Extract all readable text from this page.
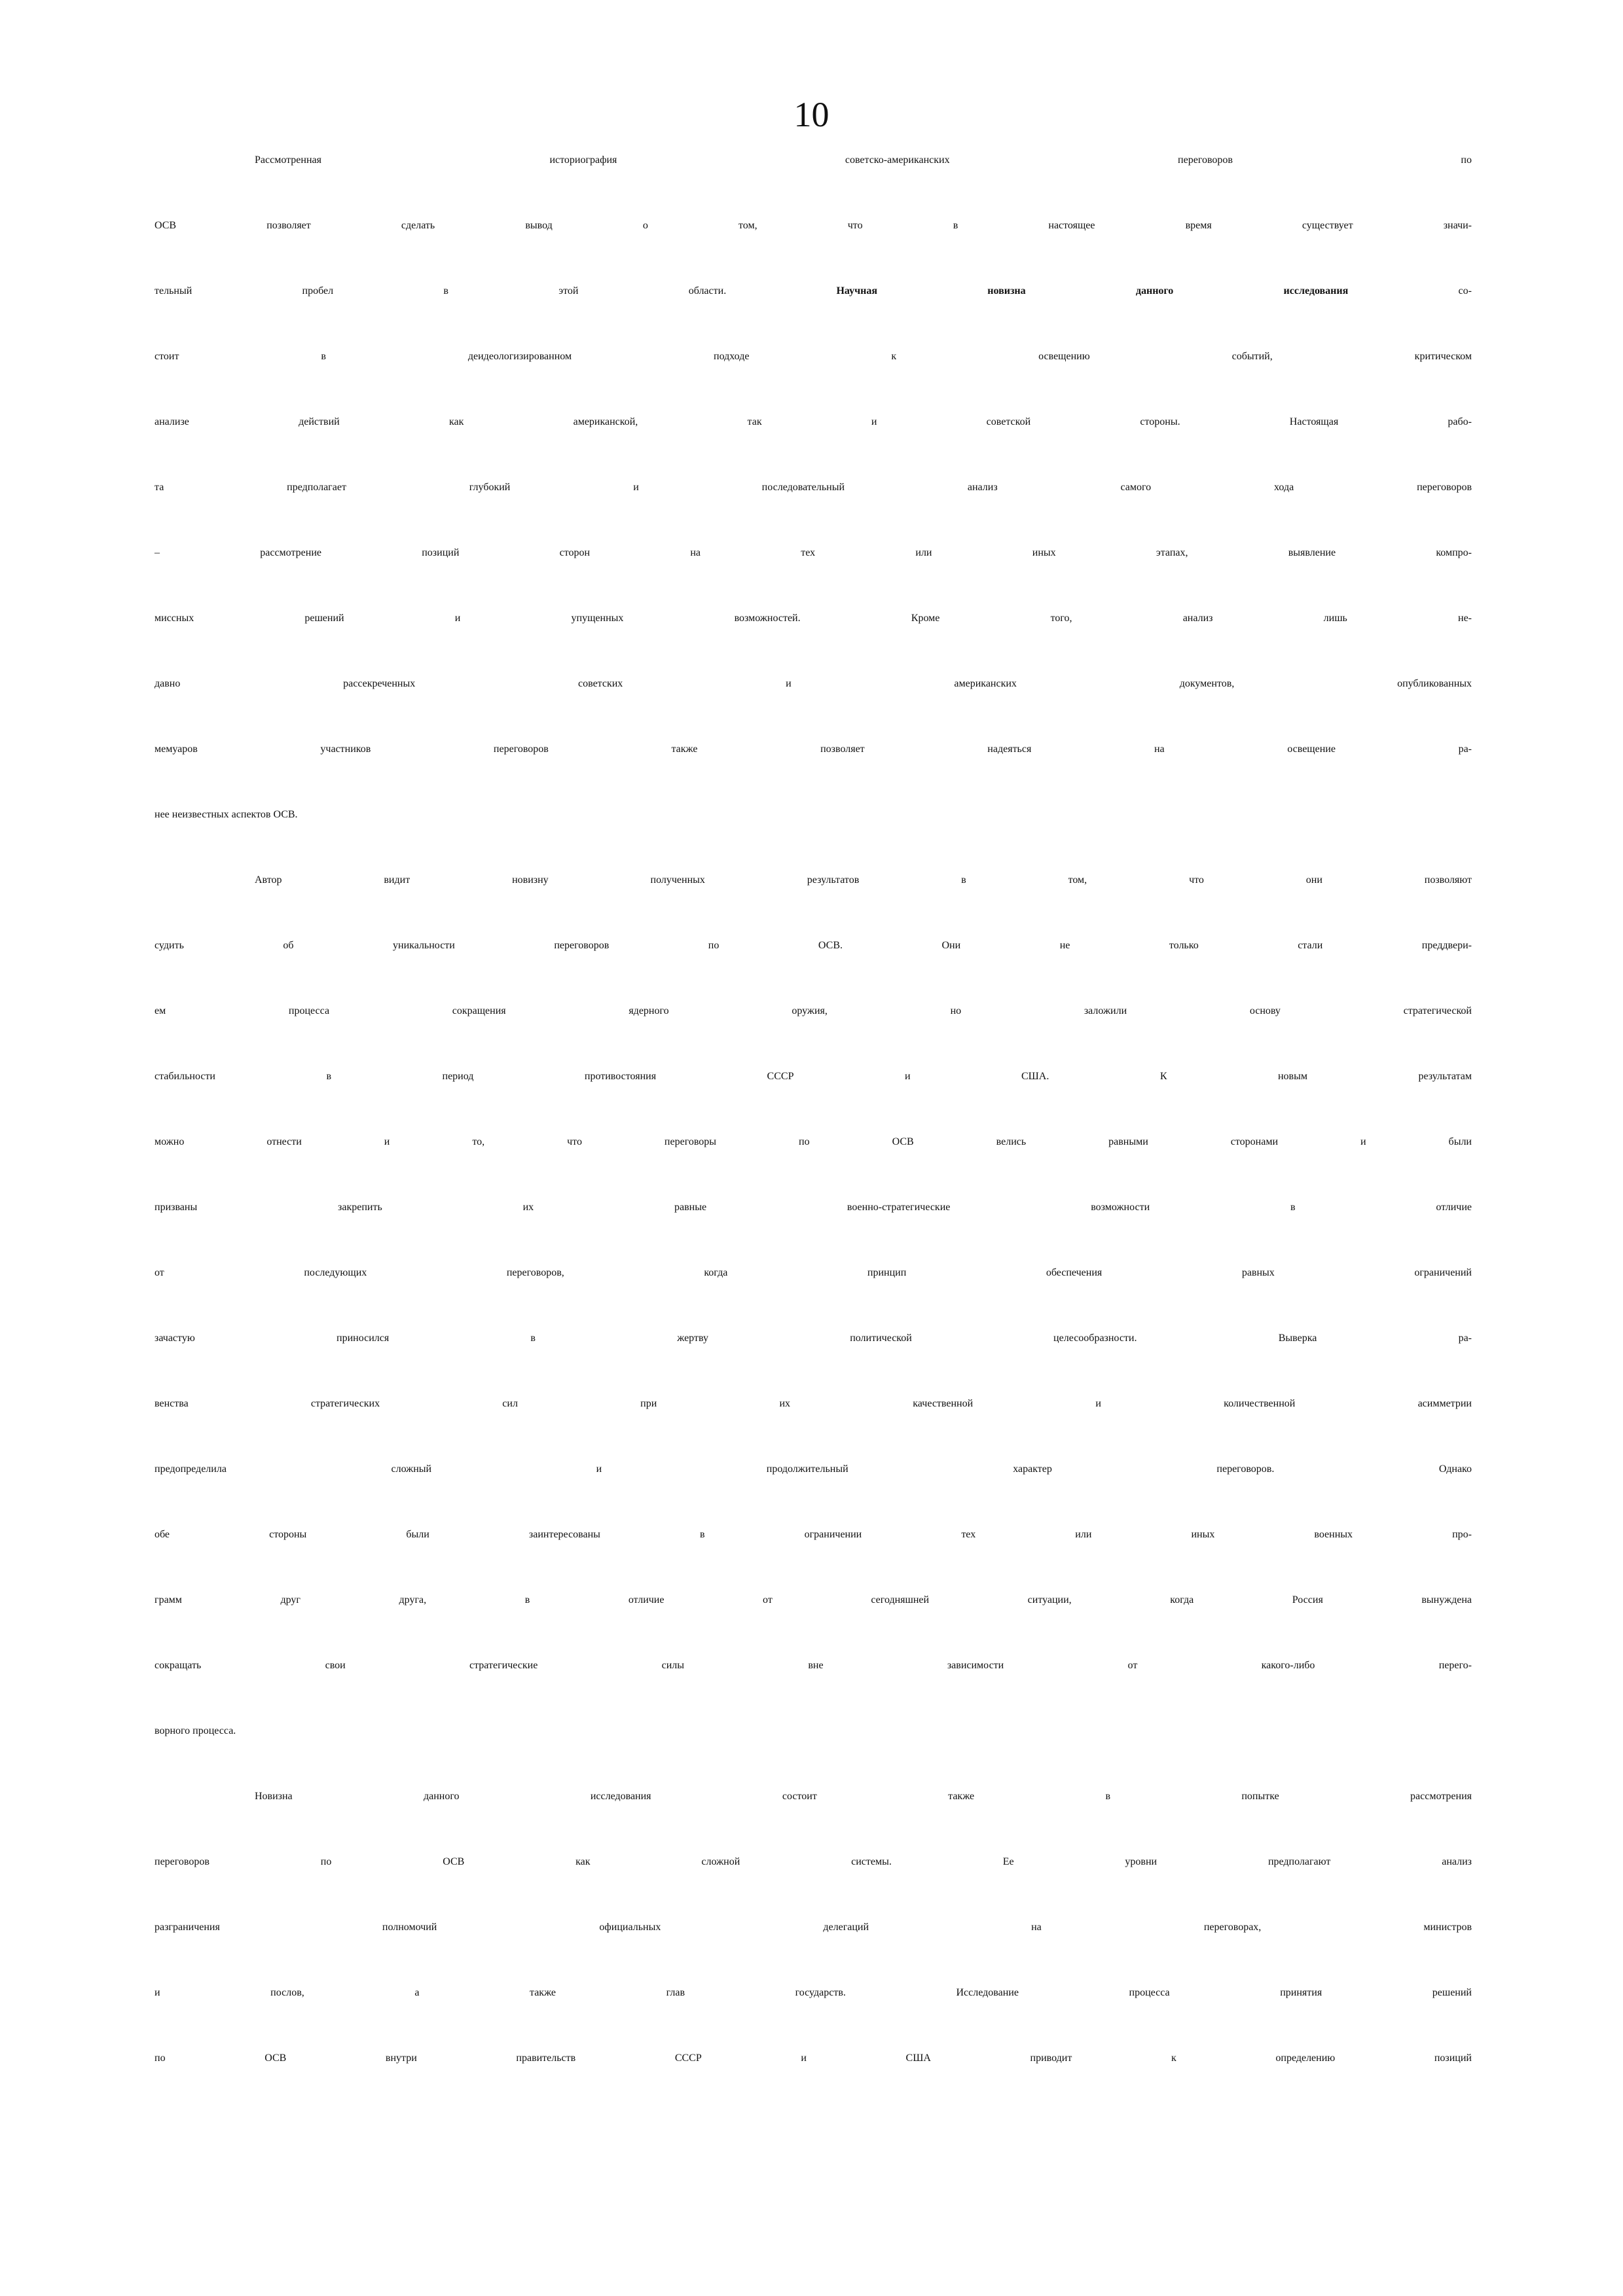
10
Рассмотренная историография советско-американских переговоров по
ОСВ позволяет сделать вывод о том, что в настоящее время существует значи-
тельный пробел в этой области. Научная новизна данного исследования со-
стоит в деидеологизированном подходе к освещению событий, критическом
анализе действий как американской, так и советской стороны. Настоящая рабо-
та предполагает глубокий и последовательный анализ самого хода переговоров
– рассмотрение позиций сторон на тех или иных этапах, выявление компро-
миссных решений и упущенных возможностей. Кроме того, анализ лишь не-
давно рассекреченных советских и американских документов, опубликованных
мемуаров участников переговоров также позволяет надеяться на освещение ра-
нее неизвестных аспектов ОСВ.
Автор видит новизну полученных результатов в том, что они позволяют
судить об уникальности переговоров по ОСВ. Они не только стали преддвери-
ем процесса сокращения ядерного оружия, но заложили основу стратегической
стабильности в период противостояния СССР и США. К новым результатам
можно отнести и то, что переговоры по ОСВ велись равными сторонами и были
призваны закрепить их равные военно-стратегические возможности в отличие
от последующих переговоров, когда принцип обеспечения равных ограничений
зачастую приносился в жертву политической целесообразности. Выверка ра-
венства стратегических сил при их качественной и количественной асимметрии
предопределила сложный и продолжительный характер переговоров. Однако
обе стороны были заинтересованы в ограничении тех или иных военных про-
грамм друг друга, в отличие от сегодняшней ситуации, когда Россия вынуждена
сокращать свои стратегические силы вне зависимости от какого-либо перего-
ворного процесса.
Новизна данного исследования состоит также в попытке рассмотрения
переговоров по ОСВ как сложной системы. Ее уровни предполагают анализ
разграничения полномочий официальных делегаций на переговорах, министров
и послов, а также глав государств. Исследование процесса принятия решений
по ОСВ внутри правительств СССР и США приводит к определению позиций
